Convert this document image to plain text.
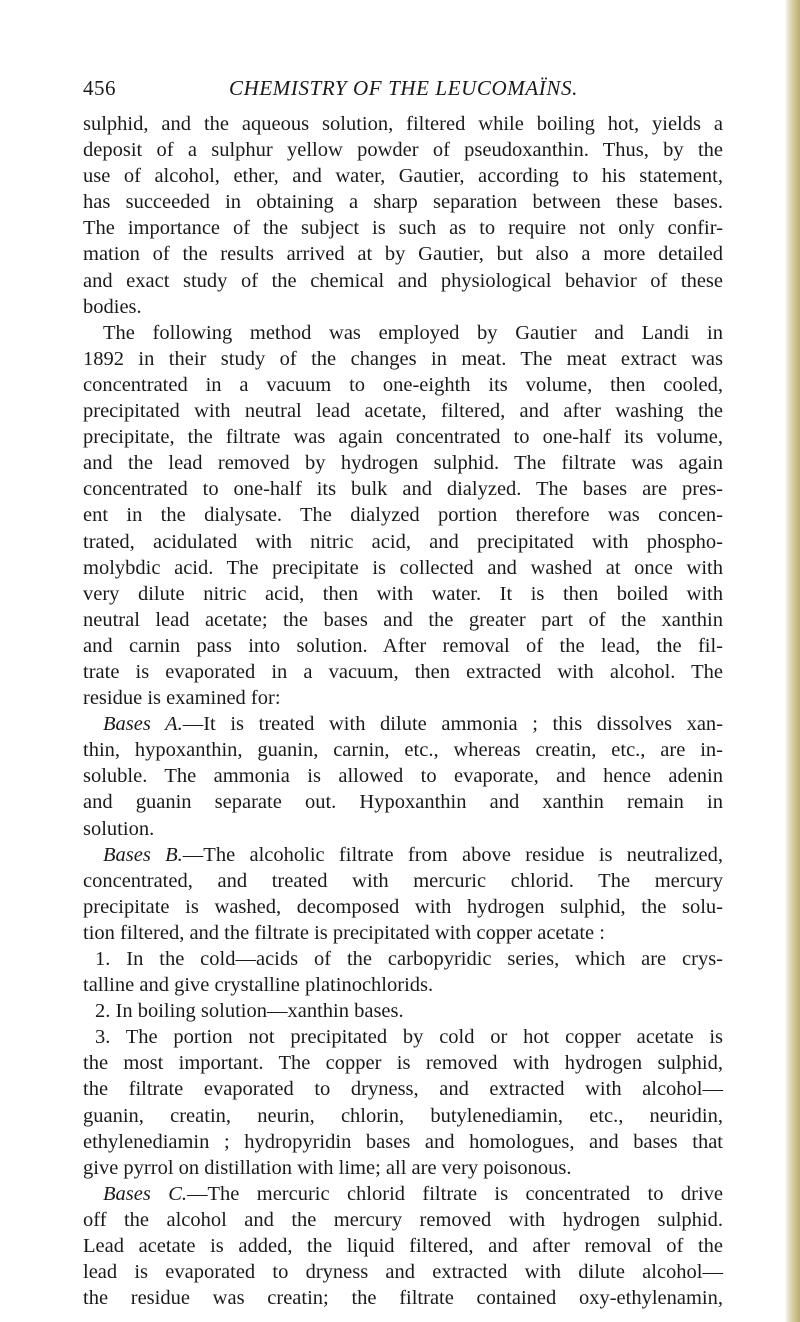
456	CHEMISTRY OF THE LEUCOMAÏNS.
sulphid, and the aqueous solution, filtered while boiling hot, yields a
deposit of a sulphur yellow powder of pseudoxanthin. Thus, by the
use of alcohol, ether, and water, Gautier, according to his statement,
has succeeded in obtaining a sharp separation between these bases.
The importance of the subject is such as to require not only confir-
mation of the results arrived at by Gautier, but also a more detailed
and exact study of the chemical and physiological behavior of these
bodies.
The following method was employed by Gautier and Landi in
1892 in their study of the changes in meat. The meat extract was
concentrated in a vacuum to one-eighth its volume, then cooled,
precipitated with neutral lead acetate, filtered, and after washing the
precipitate, the filtrate was again concentrated to one-half its volume,
and the lead removed by hydrogen sulphid. The filtrate was again
concentrated to one-half its bulk and dialyzed. The bases are pres-
ent in the dialysate. The dialyzed portion therefore was concen-
trated, acidulated with nitric acid, and precipitated with phospho-
molybdic acid. The precipitate is collected and washed at once with
very dilute nitric acid, then with water. It is then boiled with
neutral lead acetate; the bases and the greater part of the xanthin
and carnin pass into solution. After removal of the lead, the fil-
trate is evaporated in a vacuum, then extracted with alcohol. The
residue is examined for:
Bases A.—It is treated with dilute ammonia ; this dissolves xan-
thin, hypoxanthin, guanin, carnin, etc., whereas creatin, etc., are in-
soluble. The ammonia is allowed to evaporate, and hence adenin
and guanin separate out. Hypoxanthin and xanthin remain in
solution.
Bases B.—The alcoholic filtrate from above residue is neutralized,
concentrated, and treated with mercuric chlorid. The mercury
precipitate is washed, decomposed with hydrogen sulphid, the solu-
tion filtered, and the filtrate is precipitated with copper acetate :
1. In the cold—acids of the carbopyridic series, which are crys-
talline and give crystalline platinochlorids.
2. In boiling solution—xanthin bases.
3. The portion not precipitated by cold or hot copper acetate is
the most important. The copper is removed with hydrogen sulphid,
the filtrate evaporated to dryness, and extracted with alcohol—
guanin, creatin, neurin, chlorin, butylenediamin, etc., neuridin,
ethylenediamin ; hydropyridin bases and homologues, and bases that
give pyrrol on distillation with lime; all are very poisonous.
Bases C.—The mercuric chlorid filtrate is concentrated to drive
off the alcohol and the mercury removed with hydrogen sulphid.
Lead acetate is added, the liquid filtered, and after removal of the
lead is evaporated to dryness and extracted with dilute alcohol—
the residue was creatin; the filtrate contained oxy-ethylenamin,
